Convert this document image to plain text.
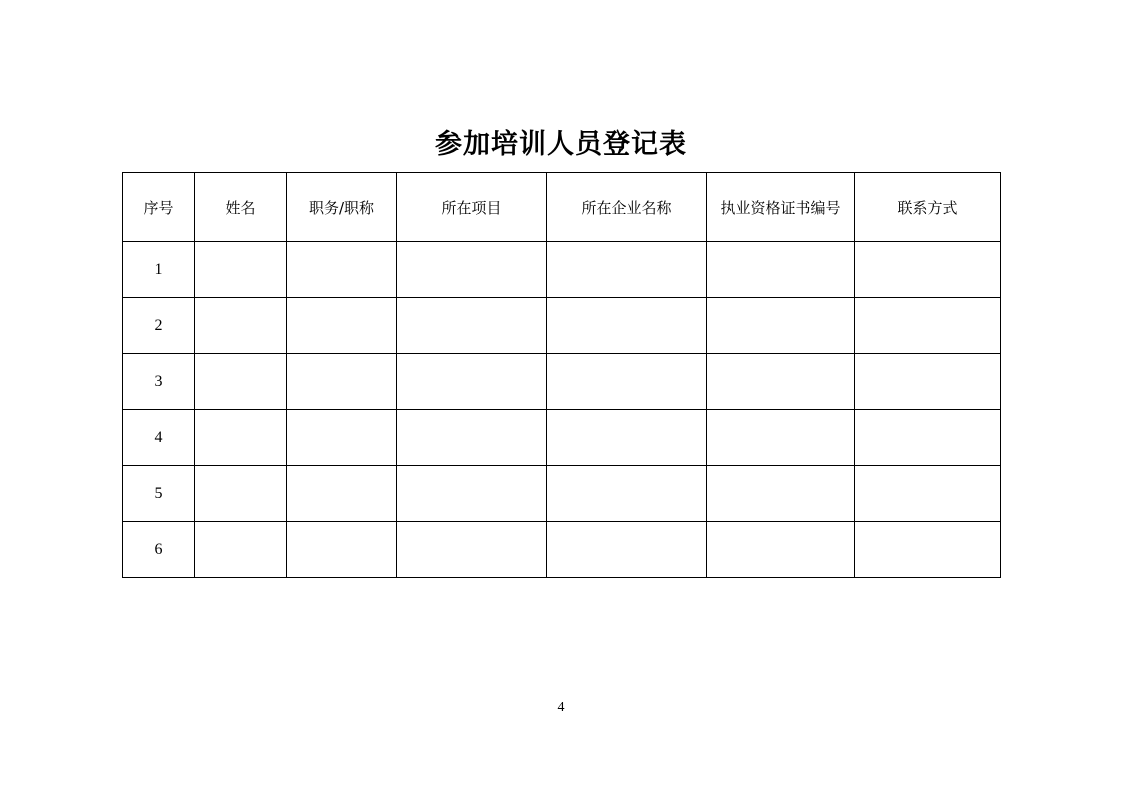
参加培训人员登记表
序号	姓名	职务/职称	所在项目	所在企业名称	执业资格证书编号	联系方式
1						
2						
3						
4						
5						
6						
4
